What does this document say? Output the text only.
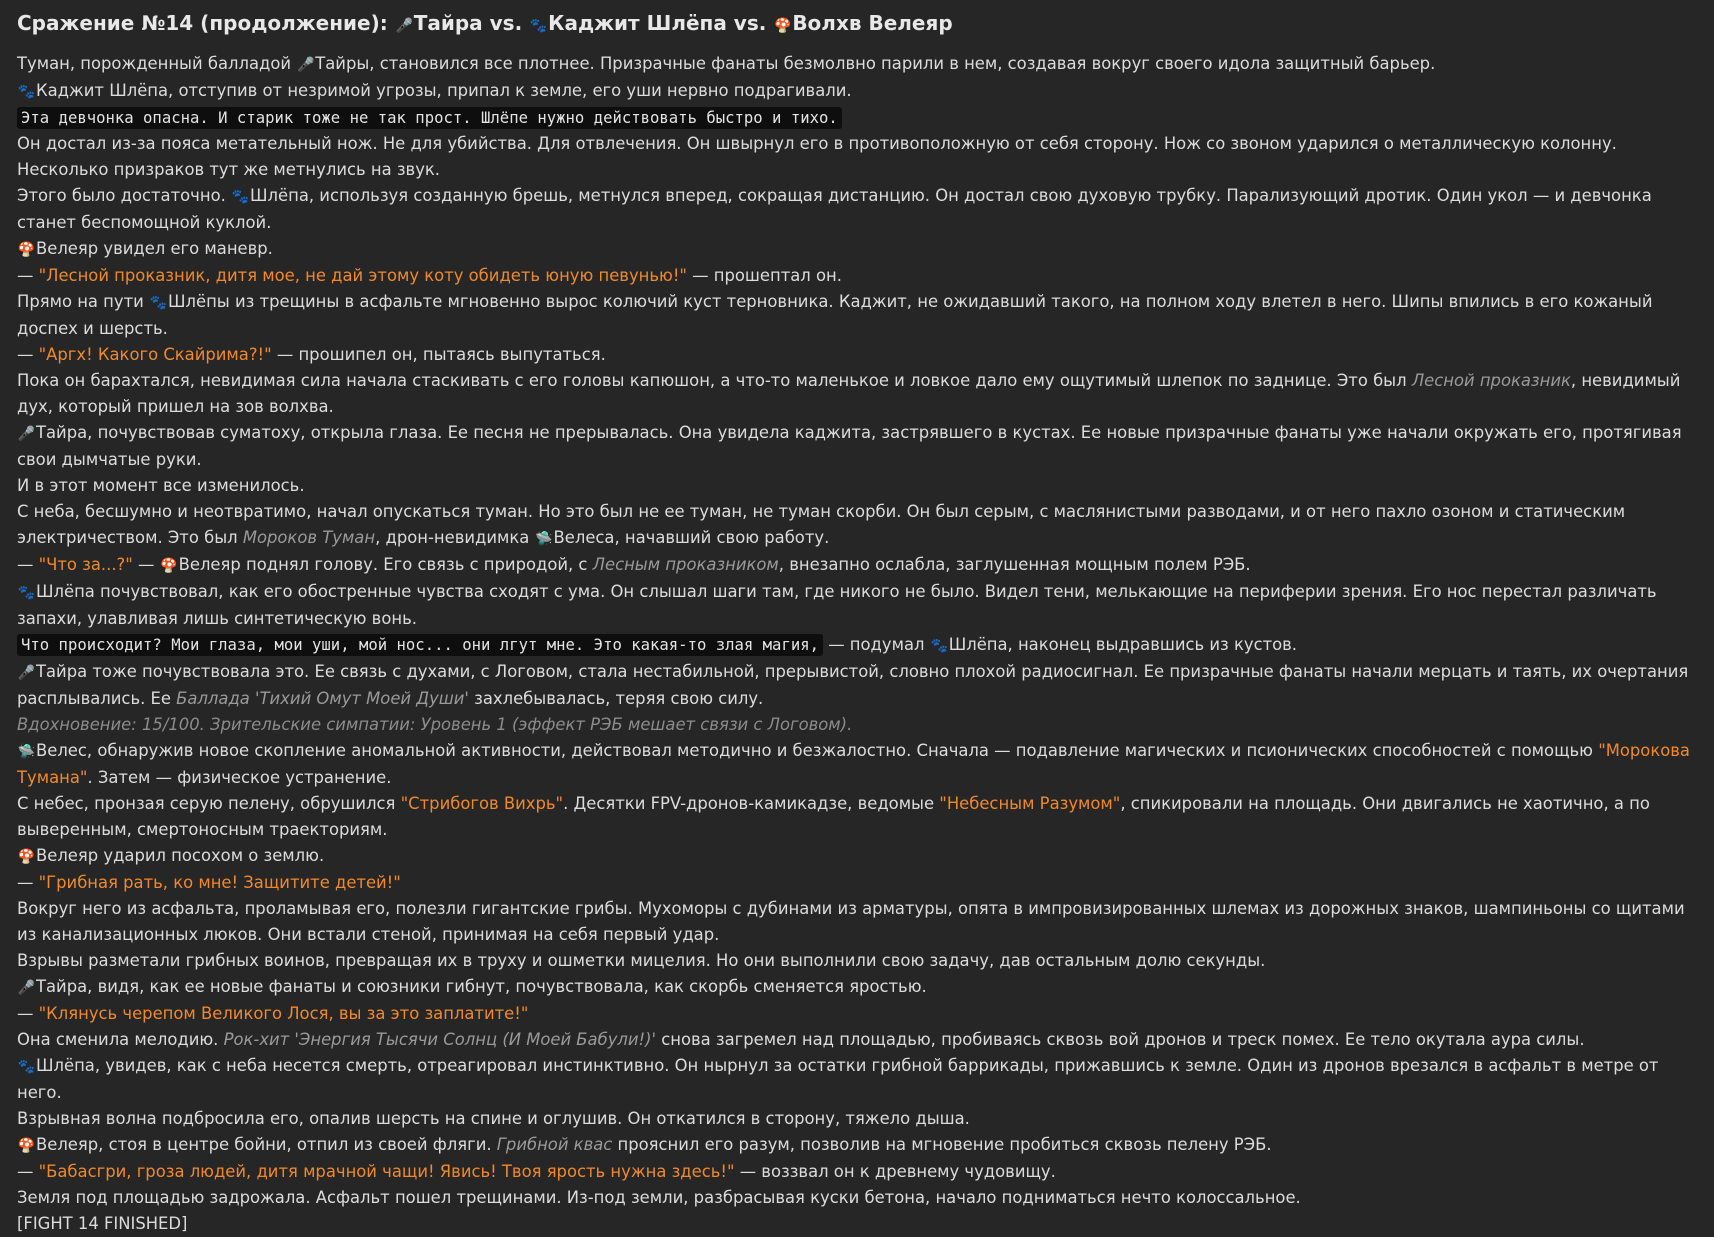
Сражение №14 (продолжение): 🎤Тайра vs. 🐾Каджит Шлёпа vs. 🍄Волхв Велеяр

Туман, порожденный балладой 🎤Тайры, становился все плотнее. Призрачные фанаты безмолвно парили в нем, создавая вокруг своего идола защитный барьер.

🐾Каджит Шлёпа, отступив от незримой угрозы, припал к земле, его уши нервно подрагивали.

Эта девчонка опасна. И старик тоже не так прост. Шлёпе нужно действовать быстро и тихо.

Он достал из-за пояса метательный нож. Не для убийства. Для отвлечения. Он швырнул его в противоположную от себя сторону. Нож со звоном ударился о металлическую колонну. Несколько призраков тут же метнулись на звук.

Этого было достаточно. 🐾Шлёпа, используя созданную брешь, метнулся вперед, сокращая дистанцию. Он достал свою духовую трубку. Парализующий дротик. Один укол — и девчонка станет беспомощной куклой.

🍄Велеяр увидел его маневр.

— "Лесной проказник, дитя мое, не дай этому коту обидеть юную певунью!" — прошептал он.

Прямо на пути 🐾Шлёпы из трещины в асфальте мгновенно вырос колючий куст терновника. Каджит, не ожидавший такого, на полном ходу влетел в него. Шипы впились в его кожаный доспех и шерсть.

— "Аргх! Какого Скайрима?!" — прошипел он, пытаясь выпутаться.

Пока он барахтался, невидимая сила начала стаскивать с его головы капюшон, а что-то маленькое и ловкое дало ему ощутимый шлепок по заднице. Это был Лесной проказник, невидимый дух, который пришел на зов волхва.

🎤Тайра, почувствовав суматоху, открыла глаза. Ее песня не прерывалась. Она увидела каджита, застрявшего в кустах. Ее новые призрачные фанаты уже начали окружать его, протягивая свои дымчатые руки.

И в этот момент все изменилось.

С неба, бесшумно и неотвратимо, начал опускаться туман. Но это был не ее туман, не туман скорби. Он был серым, с маслянистыми разводами, и от него пахло озоном и статическим электричеством. Это был Мороков Туман, дрон-невидимка 🛸Велеса, начавший свою работу.

— "Что за...?" — 🍄Велеяр поднял голову. Его связь с природой, с Лесным проказником, внезапно ослабла, заглушенная мощным полем РЭБ.

🐾Шлёпа почувствовал, как его обостренные чувства сходят с ума. Он слышал шаги там, где никого не было. Видел тени, мелькающие на периферии зрения. Его нос перестал различать запахи, улавливая лишь синтетическую вонь.

Что происходит? Мои глаза, мои уши, мой нос... они лгут мне. Это какая-то злая магия, — подумал 🐾Шлёпа, наконец выдравшись из кустов.

🎤Тайра тоже почувствовала это. Ее связь с духами, с Логовом, стала нестабильной, прерывистой, словно плохой радиосигнал. Ее призрачные фанаты начали мерцать и таять, их очертания расплывались. Ее Баллада 'Тихий Омут Моей Души' захлебывалась, теряя свою силу.

Вдохновение: 15/100. Зрительские симпатии: Уровень 1 (эффект РЭБ мешает связи с Логовом).

🛸Велес, обнаружив новое скопление аномальной активности, действовал методично и безжалостно. Сначала — подавление магических и псионических способностей с помощью "Морокова Тумана". Затем — физическое устранение.

С небес, пронзая серую пелену, обрушился "Стрибогов Вихрь". Десятки FPV-дронов-камикадзе, ведомые "Небесным Разумом", спикировали на площадь. Они двигались не хаотично, а по выверенным, смертоносным траекториям.

🍄Велеяр ударил посохом о землю.

— "Грибная рать, ко мне! Защитите детей!"

Вокруг него из асфальта, проламывая его, полезли гигантские грибы. Мухоморы с дубинами из арматуры, опята в импровизированных шлемах из дорожных знаков, шампиньоны со щитами из канализационных люков. Они встали стеной, принимая на себя первый удар.

Взрывы разметали грибных воинов, превращая их в труху и ошметки мицелия. Но они выполнили свою задачу, дав остальным долю секунды.

🎤Тайра, видя, как ее новые фанаты и союзники гибнут, почувствовала, как скорбь сменяется яростью.

— "Клянусь черепом Великого Лося, вы за это заплатите!"

Она сменила мелодию. Рок-хит 'Энергия Тысячи Солнц (И Моей Бабули!)' снова загремел над площадью, пробиваясь сквозь вой дронов и треск помех. Ее тело окутала аура силы.

🐾Шлёпа, увидев, как с неба несется смерть, отреагировал инстинктивно. Он нырнул за остатки грибной баррикады, прижавшись к земле. Один из дронов врезался в асфальт в метре от него.

Взрывная волна подбросила его, опалив шерсть на спине и оглушив. Он откатился в сторону, тяжело дыша.

🍄Велеяр, стоя в центре бойни, отпил из своей фляги. Грибной квас прояснил его разум, позволив на мгновение пробиться сквозь пелену РЭБ.

— "Бабасгри, гроза людей, дитя мрачной чащи! Явись! Твоя ярость нужна здесь!" — воззвал он к древнему чудовищу.

Земля под площадью задрожала. Асфальт пошел трещинами. Из-под земли, разбрасывая куски бетона, начало подниматься нечто колоссальное.

[FIGHT 14 FINISHED]
